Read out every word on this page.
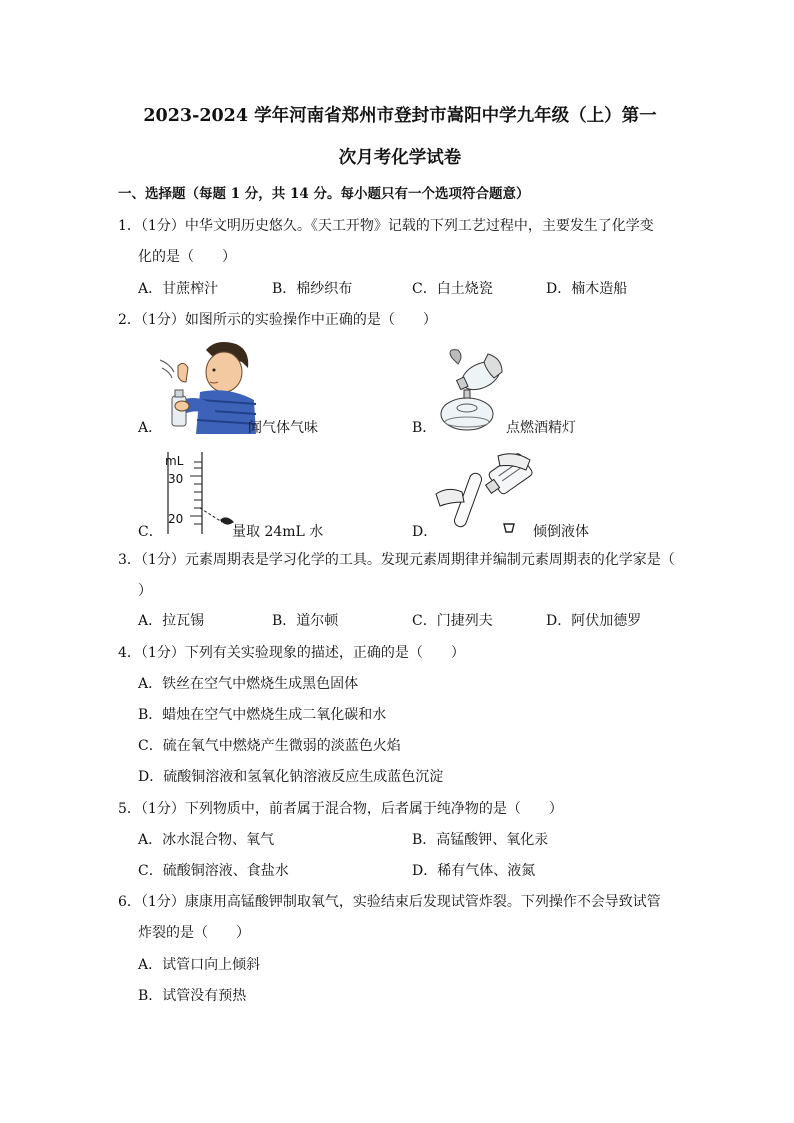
2023-2024 学年河南省郑州市登封市嵩阳中学九年级（上）第一
次月考化学试卷
一、选择题（每题 1 分，共 14 分。每小题只有一个选项符合题意）
1．（1分）中华文明历史悠久。《天工开物》记载的下列工艺过程中，主要发生了化学变
化的是（　　）
A．甘蔗榨汁	B．棉纱织布	C．白土烧瓷	D．楠木造船
2．（1分）如图所示的实验操作中正确的是（　　）
A．	闻气体气味	B．	点燃酒精灯
mL
30
20
C．	量取 24mL 水	D．	倾倒液体
3．（1分）元素周期表是学习化学的工具。发现元素周期律并编制元素周期表的化学家是（
）
A．拉瓦锡	B．道尔顿	C．门捷列夫	D．阿伏加德罗
4．（1分）下列有关实验现象的描述，正确的是（　　）
A．铁丝在空气中燃烧生成黑色固体
B．蜡烛在空气中燃烧生成二氧化碳和水
C．硫在氧气中燃烧产生微弱的淡蓝色火焰
D．硫酸铜溶液和氢氧化钠溶液反应生成蓝色沉淀
5．（1分）下列物质中，前者属于混合物，后者属于纯净物的是（　　）
A．冰水混合物、氧气	B．高锰酸钾、氧化汞
C．硫酸铜溶液、食盐水	D．稀有气体、液氮
6．（1分）康康用高锰酸钾制取氧气，实验结束后发现试管炸裂。下列操作不会导致试管
炸裂的是（　　）
A．试管口向上倾斜
B．试管没有预热
